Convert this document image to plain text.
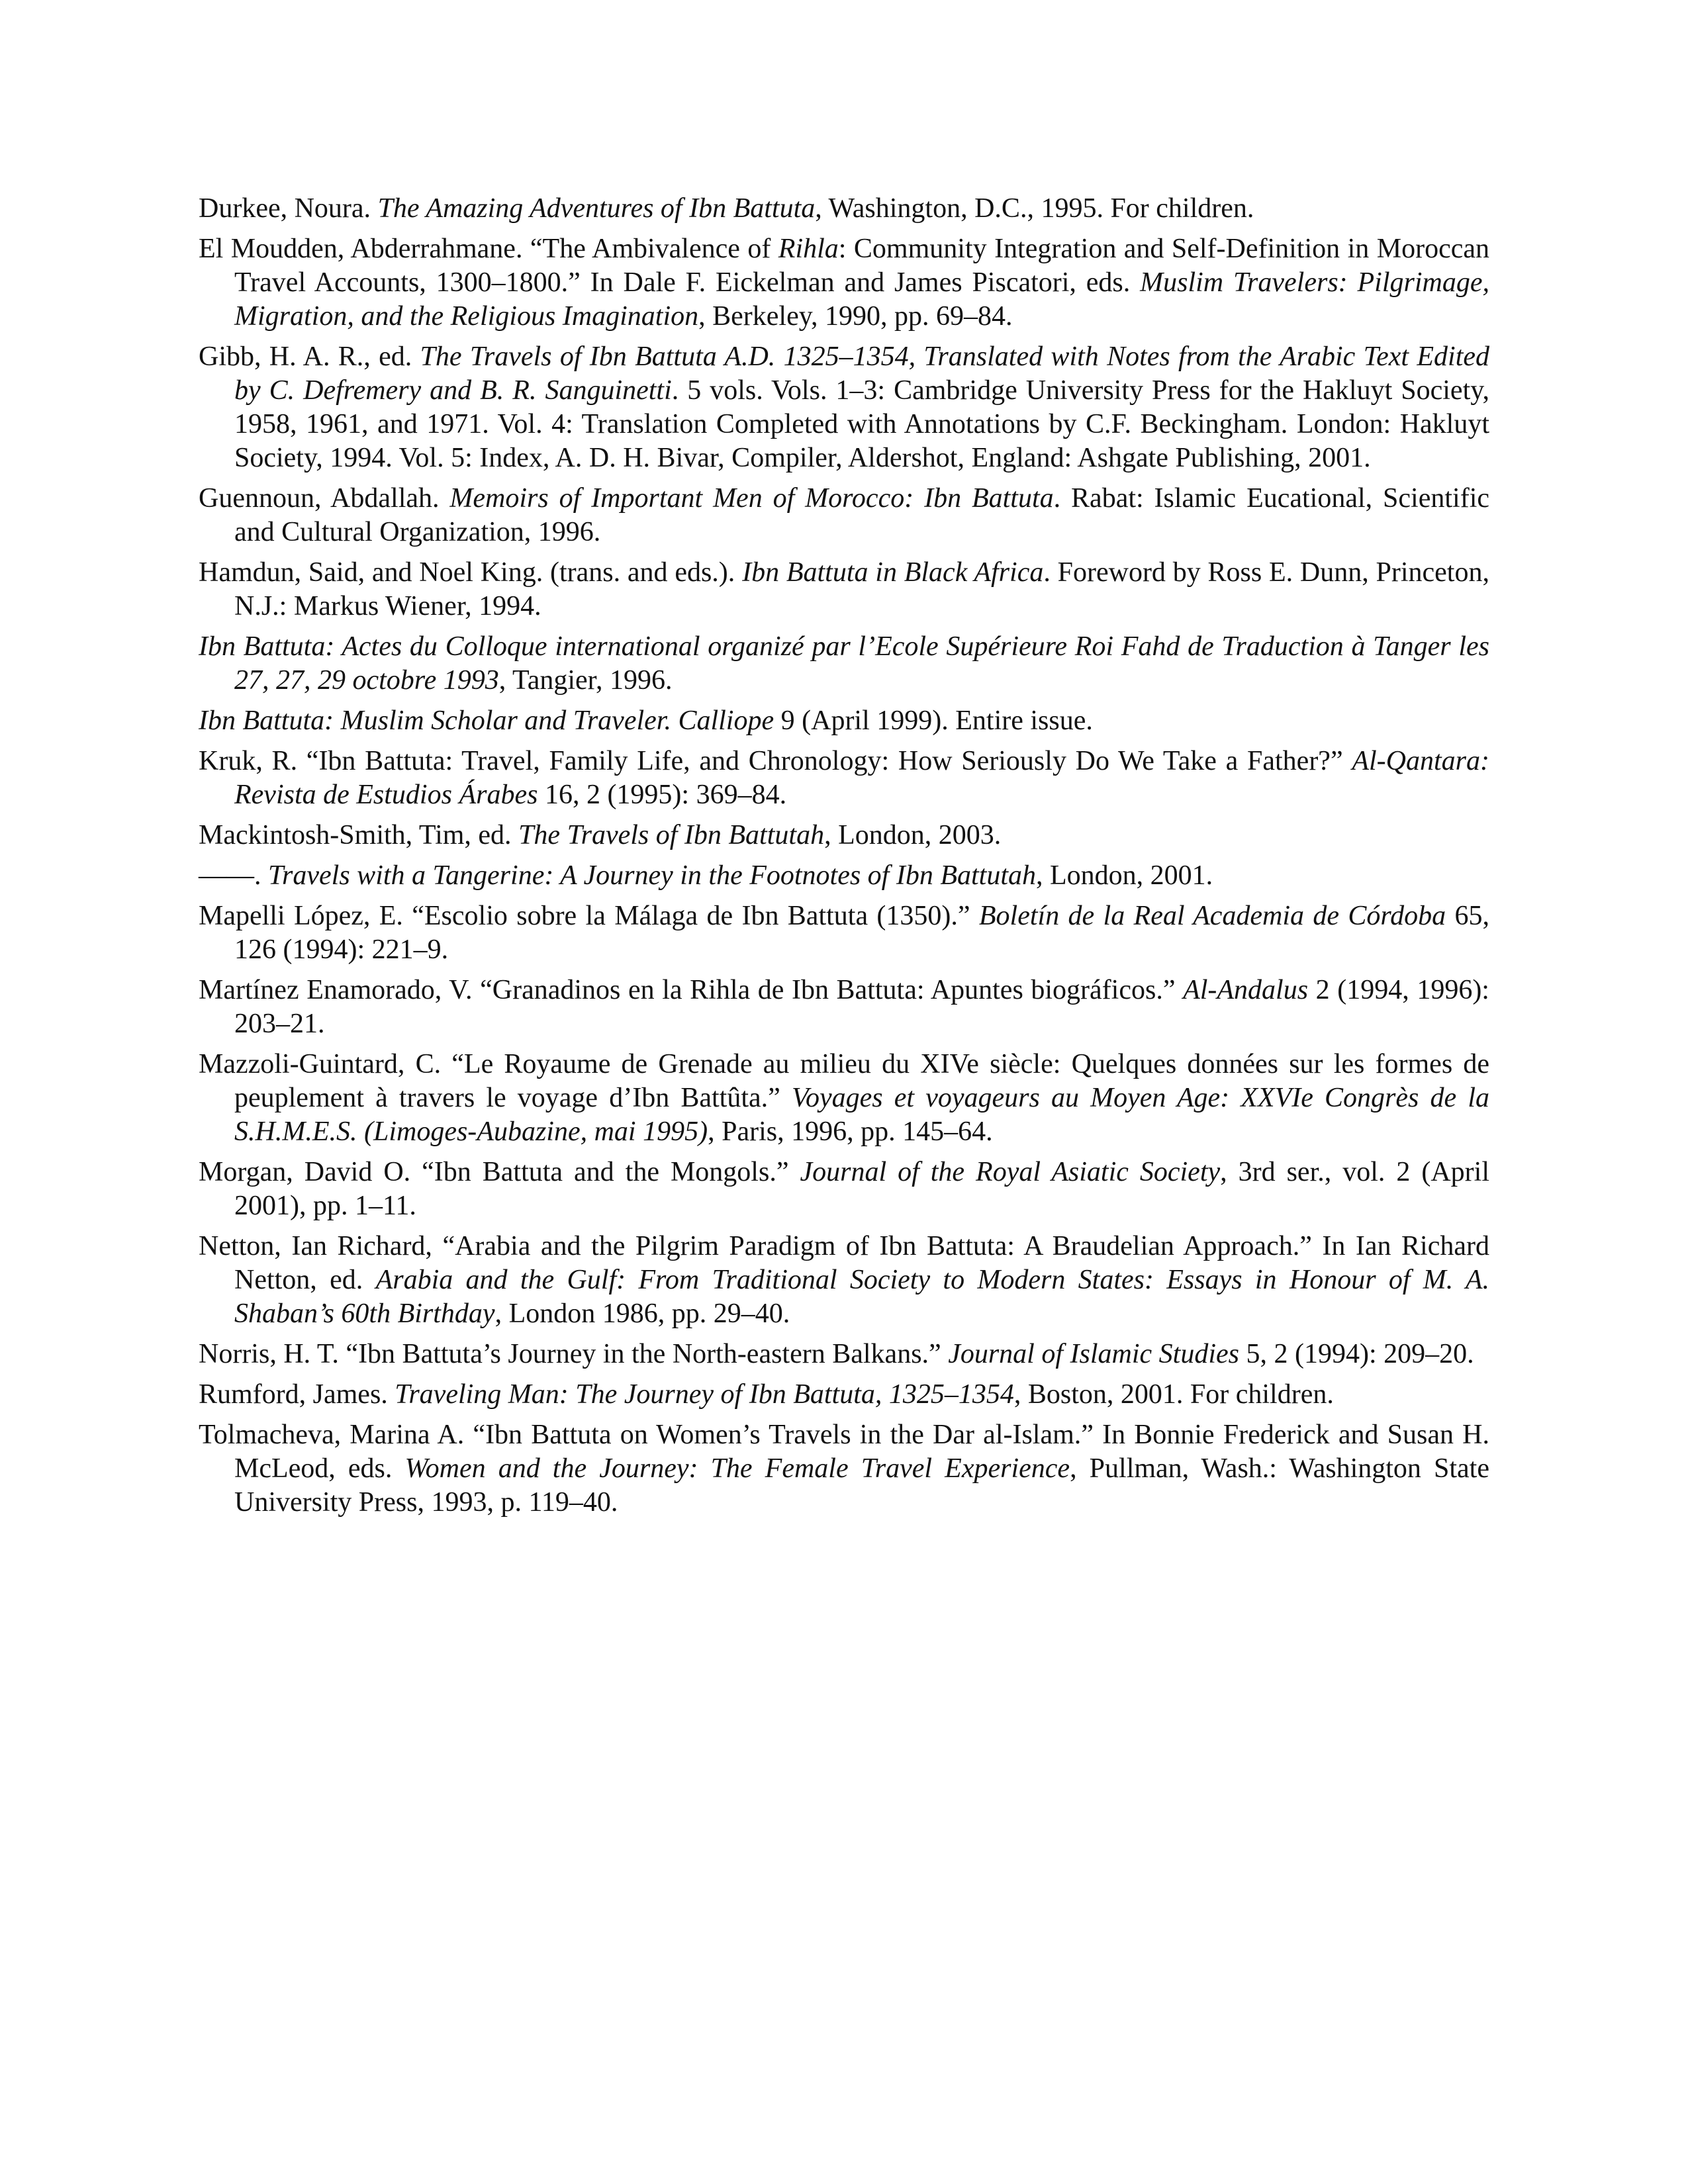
Durkee, Noura. The Amazing Adventures of Ibn Battuta, Washington, D.C., 1995. For children.

El Moudden, Abderrahmane. “The Ambivalence of Rihla: Community Integration and Self-Definition in Moroccan Travel Accounts, 1300–1800.” In Dale F. Eickelman and James Piscatori, eds. Muslim Travelers: Pilgrimage, Migration, and the Religious Imagination, Berkeley, 1990, pp. 69–84.

Gibb, H. A. R., ed. The Travels of Ibn Battuta A.D. 1325–1354, Translated with Notes from the Arabic Text Edited by C. Defremery and B. R. Sanguinetti. 5 vols. Vols. 1–3: Cambridge University Press for the Hakluyt Society, 1958, 1961, and 1971. Vol. 4: Translation Completed with Annotations by C.F. Beckingham. London: Hakluyt Society, 1994. Vol. 5: Index, A. D. H. Bivar, Compiler, Aldershot, England: Ashgate Publishing, 2001.

Guennoun, Abdallah. Memoirs of Important Men of Morocco: Ibn Battuta. Rabat: Islamic Eucational, Scientific and Cultural Organization, 1996.

Hamdun, Said, and Noel King. (trans. and eds.). Ibn Battuta in Black Africa. Foreword by Ross E. Dunn, Princeton, N.J.: Markus Wiener, 1994.

Ibn Battuta: Actes du Colloque international organizé par l’Ecole Supérieure Roi Fahd de Traduction à Tanger les 27, 27, 29 octobre 1993, Tangier, 1996.

Ibn Battuta: Muslim Scholar and Traveler. Calliope 9 (April 1999). Entire issue.

Kruk, R. “Ibn Battuta: Travel, Family Life, and Chronology: How Seriously Do We Take a Father?” Al-Qantara: Revista de Estudios Árabes 16, 2 (1995): 369–84.

Mackintosh-Smith, Tim, ed. The Travels of Ibn Battutah, London, 2003.

——. Travels with a Tangerine: A Journey in the Footnotes of Ibn Battutah, London, 2001.

Mapelli López, E. “Escolio sobre la Málaga de Ibn Battuta (1350).” Boletín de la Real Academia de Córdoba 65, 126 (1994): 221–9.

Martínez Enamorado, V. “Granadinos en la Rihla de Ibn Battuta: Apuntes biográficos.” Al-Andalus 2 (1994, 1996): 203–21.

Mazzoli-Guintard, C. “Le Royaume de Grenade au milieu du XIVe siècle: Quelques données sur les formes de peuplement à travers le voyage d’Ibn Battûta.” Voyages et voyageurs au Moyen Age: XXVIe Congrès de la S.H.M.E.S. (Limoges-Aubazine, mai 1995), Paris, 1996, pp. 145–64.

Morgan, David O. “Ibn Battuta and the Mongols.” Journal of the Royal Asiatic Society, 3rd ser., vol. 2 (April 2001), pp. 1–11.

Netton, Ian Richard, “Arabia and the Pilgrim Paradigm of Ibn Battuta: A Braudelian Approach.” In Ian Richard Netton, ed. Arabia and the Gulf: From Traditional Society to Modern States: Essays in Honour of M. A. Shaban’s 60th Birthday, London 1986, pp. 29–40.

Norris, H. T. “Ibn Battuta’s Journey in the North-eastern Balkans.” Journal of Islamic Studies 5, 2 (1994): 209–20.

Rumford, James. Traveling Man: The Journey of Ibn Battuta, 1325–1354, Boston, 2001. For children.

Tolmacheva, Marina A. “Ibn Battuta on Women’s Travels in the Dar al-Islam.” In Bonnie Frederick and Susan H. McLeod, eds. Women and the Journey: The Female Travel Experience, Pullman, Wash.: Washington State University Press, 1993, p. 119–40.
